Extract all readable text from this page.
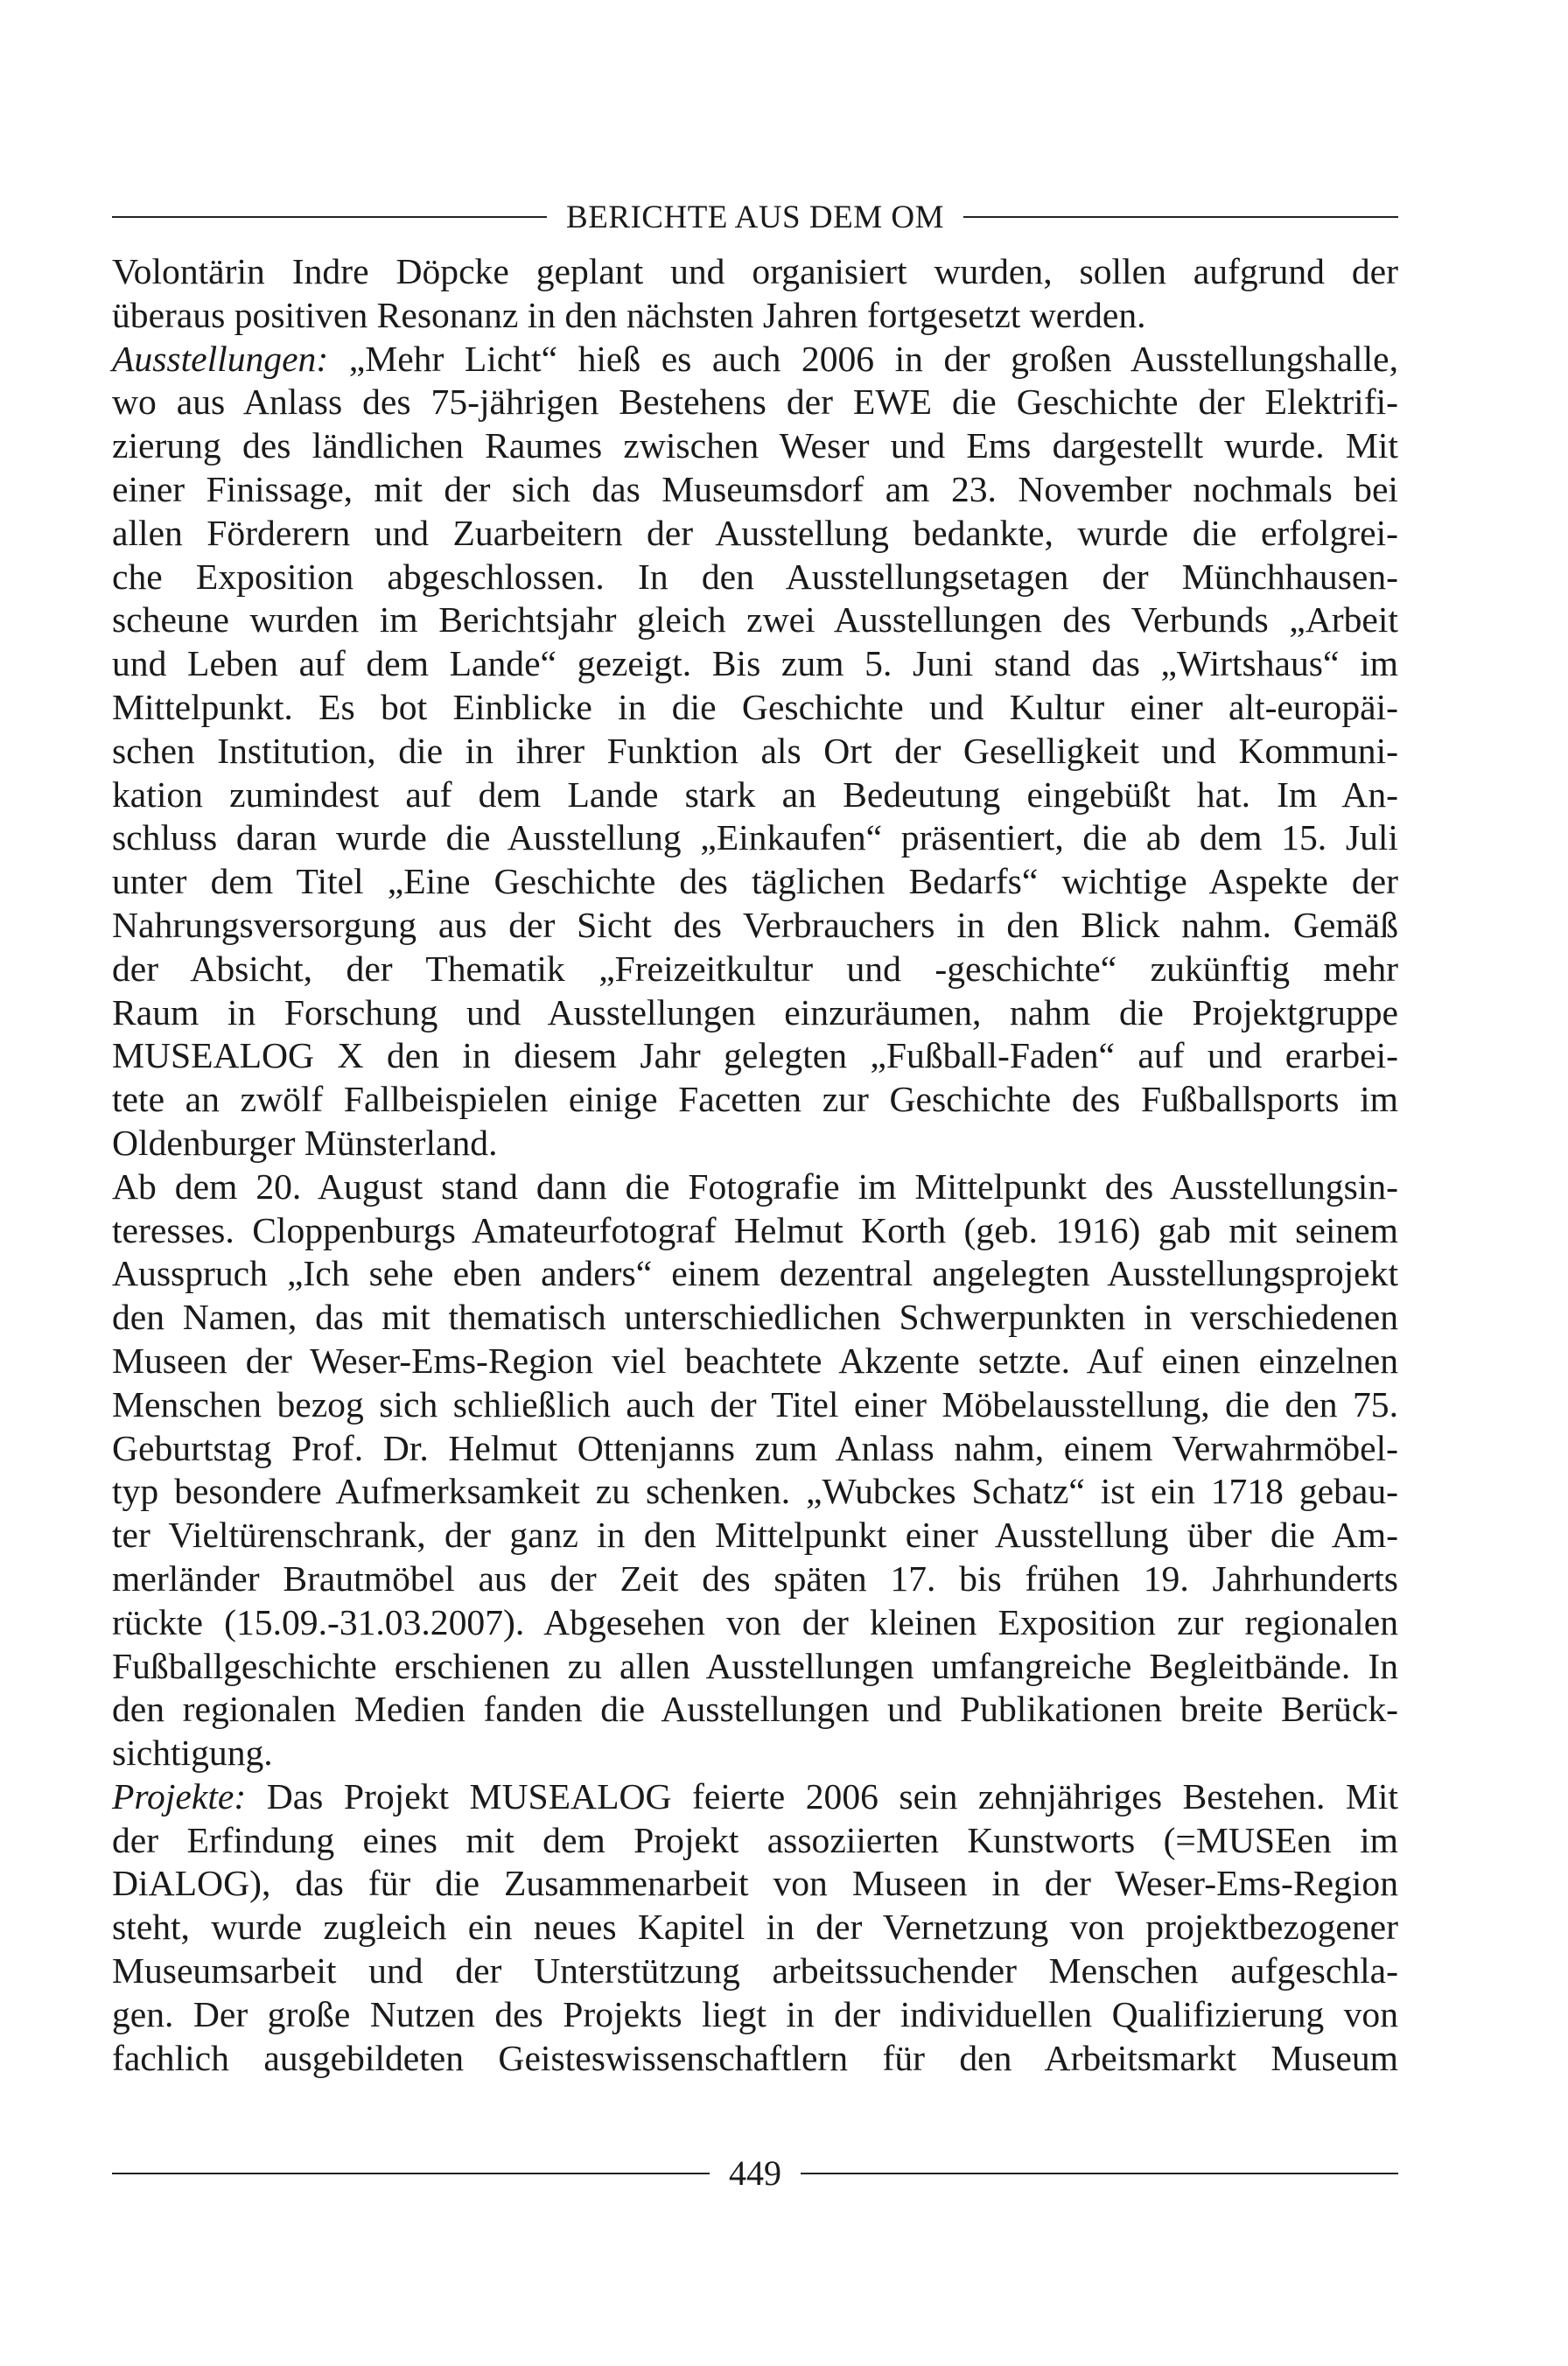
BERICHTE AUS DEM OM
Volontärin Indre Döpcke geplant und organisiert wurden, sollen aufgrund der
überaus positiven Resonanz in den nächsten Jahren fortgesetzt werden.
Ausstellungen: „Mehr Licht“ hieß es auch 2006 in der großen Ausstellungshalle,
wo aus Anlass des 75-jährigen Bestehens der EWE die Geschichte der Elektrifi-
zierung des ländlichen Raumes zwischen Weser und Ems dargestellt wurde. Mit
einer Finissage, mit der sich das Museumsdorf am 23. November nochmals bei
allen Förderern und Zuarbeitern der Ausstellung bedankte, wurde die erfolgrei-
che Exposition abgeschlossen. In den Ausstellungsetagen der Münchhausen-
scheune wurden im Berichtsjahr gleich zwei Ausstellungen des Verbunds „Arbeit
und Leben auf dem Lande“ gezeigt. Bis zum 5. Juni stand das „Wirtshaus“ im
Mittelpunkt. Es bot Einblicke in die Geschichte und Kultur einer alt-europäi-
schen Institution, die in ihrer Funktion als Ort der Geselligkeit und Kommuni-
kation zumindest auf dem Lande stark an Bedeutung eingebüßt hat. Im An-
schluss daran wurde die Ausstellung „Einkaufen“ präsentiert, die ab dem 15. Juli
unter dem Titel „Eine Geschichte des täglichen Bedarfs“ wichtige Aspekte der
Nahrungsversorgung aus der Sicht des Verbrauchers in den Blick nahm. Gemäß
der Absicht, der Thematik „Freizeitkultur und -geschichte“ zukünftig mehr
Raum in Forschung und Ausstellungen einzuräumen, nahm die Projektgruppe
MUSEALOG X den in diesem Jahr gelegten „Fußball-Faden“ auf und erarbei-
tete an zwölf Fallbeispielen einige Facetten zur Geschichte des Fußballsports im
Oldenburger Münsterland.
Ab dem 20. August stand dann die Fotografie im Mittelpunkt des Ausstellungsin-
teresses. Cloppenburgs Amateurfotograf Helmut Korth (geb. 1916) gab mit seinem
Ausspruch „Ich sehe eben anders“ einem dezentral angelegten Ausstellungsprojekt
den Namen, das mit thematisch unterschiedlichen Schwerpunkten in verschiedenen
Museen der Weser-Ems-Region viel beachtete Akzente setzte. Auf einen einzelnen
Menschen bezog sich schließlich auch der Titel einer Möbelausstellung, die den 75.
Geburtstag Prof. Dr. Helmut Ottenjanns zum Anlass nahm, einem Verwahrmöbel-
typ besondere Aufmerksamkeit zu schenken. „Wubckes Schatz“ ist ein 1718 gebau-
ter Vieltürenschrank, der ganz in den Mittelpunkt einer Ausstellung über die Am-
merländer Brautmöbel aus der Zeit des späten 17. bis frühen 19. Jahrhunderts
rückte (15.09.-31.03.2007). Abgesehen von der kleinen Exposition zur regionalen
Fußballgeschichte erschienen zu allen Ausstellungen umfangreiche Begleitbände. In
den regionalen Medien fanden die Ausstellungen und Publikationen breite Berück-
sichtigung.
Projekte: Das Projekt MUSEALOG feierte 2006 sein zehnjähriges Bestehen. Mit
der Erfindung eines mit dem Projekt assoziierten Kunstworts (=MUSEen im
DiALOG), das für die Zusammenarbeit von Museen in der Weser-Ems-Region
steht, wurde zugleich ein neues Kapitel in der Vernetzung von projektbezogener
Museumsarbeit und der Unterstützung arbeitssuchender Menschen aufgeschla-
gen. Der große Nutzen des Projekts liegt in der individuellen Qualifizierung von
fachlich ausgebildeten Geisteswissenschaftlern für den Arbeitsmarkt Museum
449
